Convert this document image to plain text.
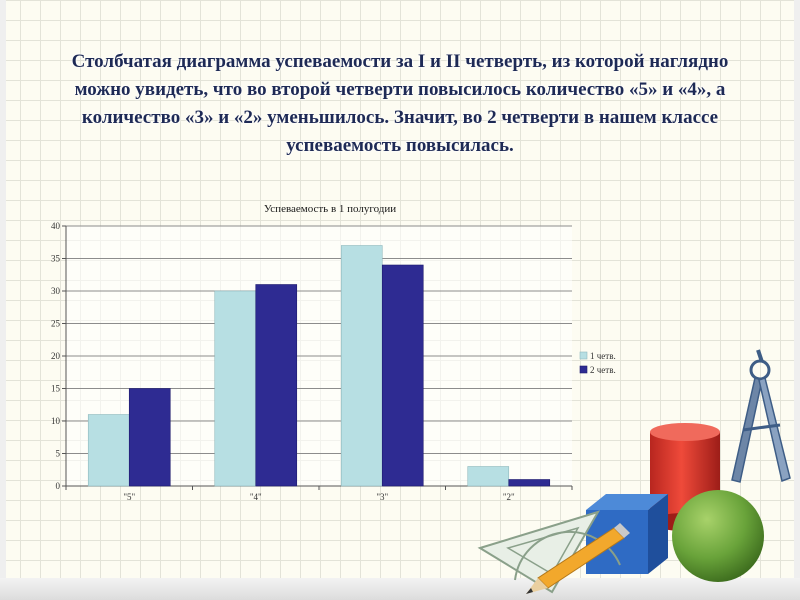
Столбчатая диаграмма успеваемости за I и II четверть, из которой наглядно можно увидеть, что во второй четверти повысилось количество «5» и «4», а количество «3» и «2» уменьшилось. Значит, во 2 четверти в нашем классе успеваемость повысилась.
Успеваемость в 1 полугодии
0
5
10
15
20
25
30
35
40
"5"	"4"	"3"	"2"
1 четв.
2 четв.
